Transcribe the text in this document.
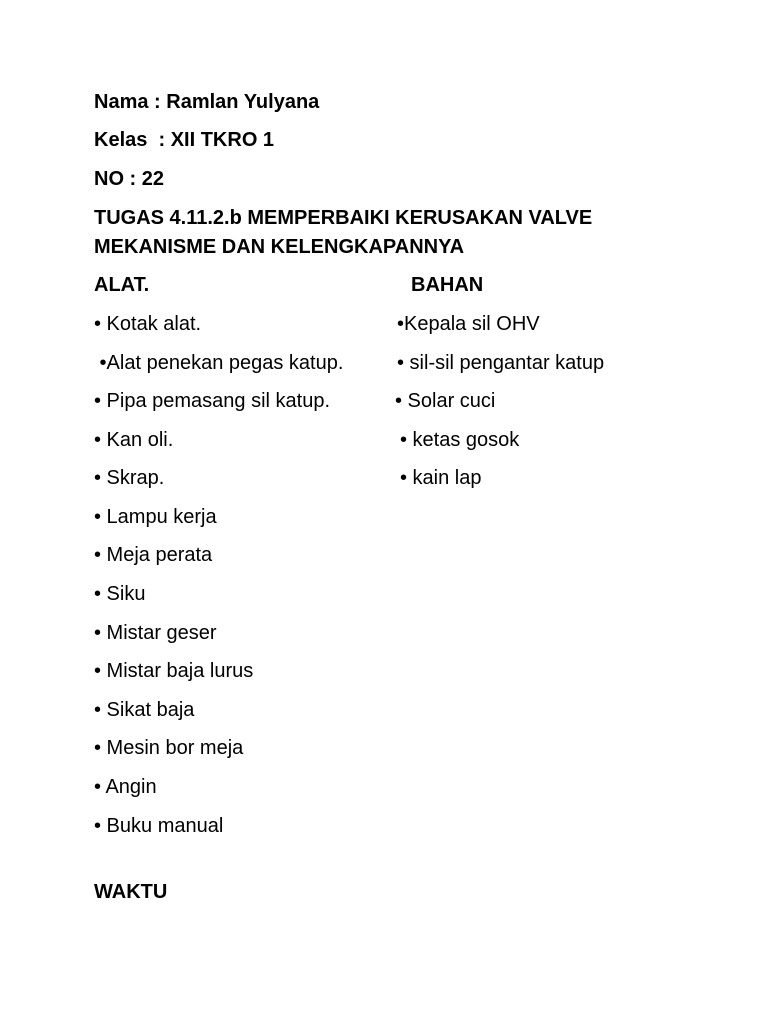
Nama : Ramlan Yulyana
Kelas  : XII TKRO 1
NO : 22
TUGAS 4.11.2.b MEMPERBAIKI KERUSAKAN VALVE
MEKANISME DAN KELENGKAPANNYA
ALAT.	BAHAN
• Kotak alat.
•Alat penekan pegas katup.
• Pipa pemasang sil katup.
• Kan oli.
• Skrap.
• Lampu kerja
• Meja perata
• Siku
• Mistar geser
• Mistar baja lurus
• Sikat baja
• Mesin bor meja
• Angin
• Buku manual
•Kepala sil OHV
• sil-sil pengantar katup
• Solar cuci
• ketas gosok
• kain lap
WAKTU
